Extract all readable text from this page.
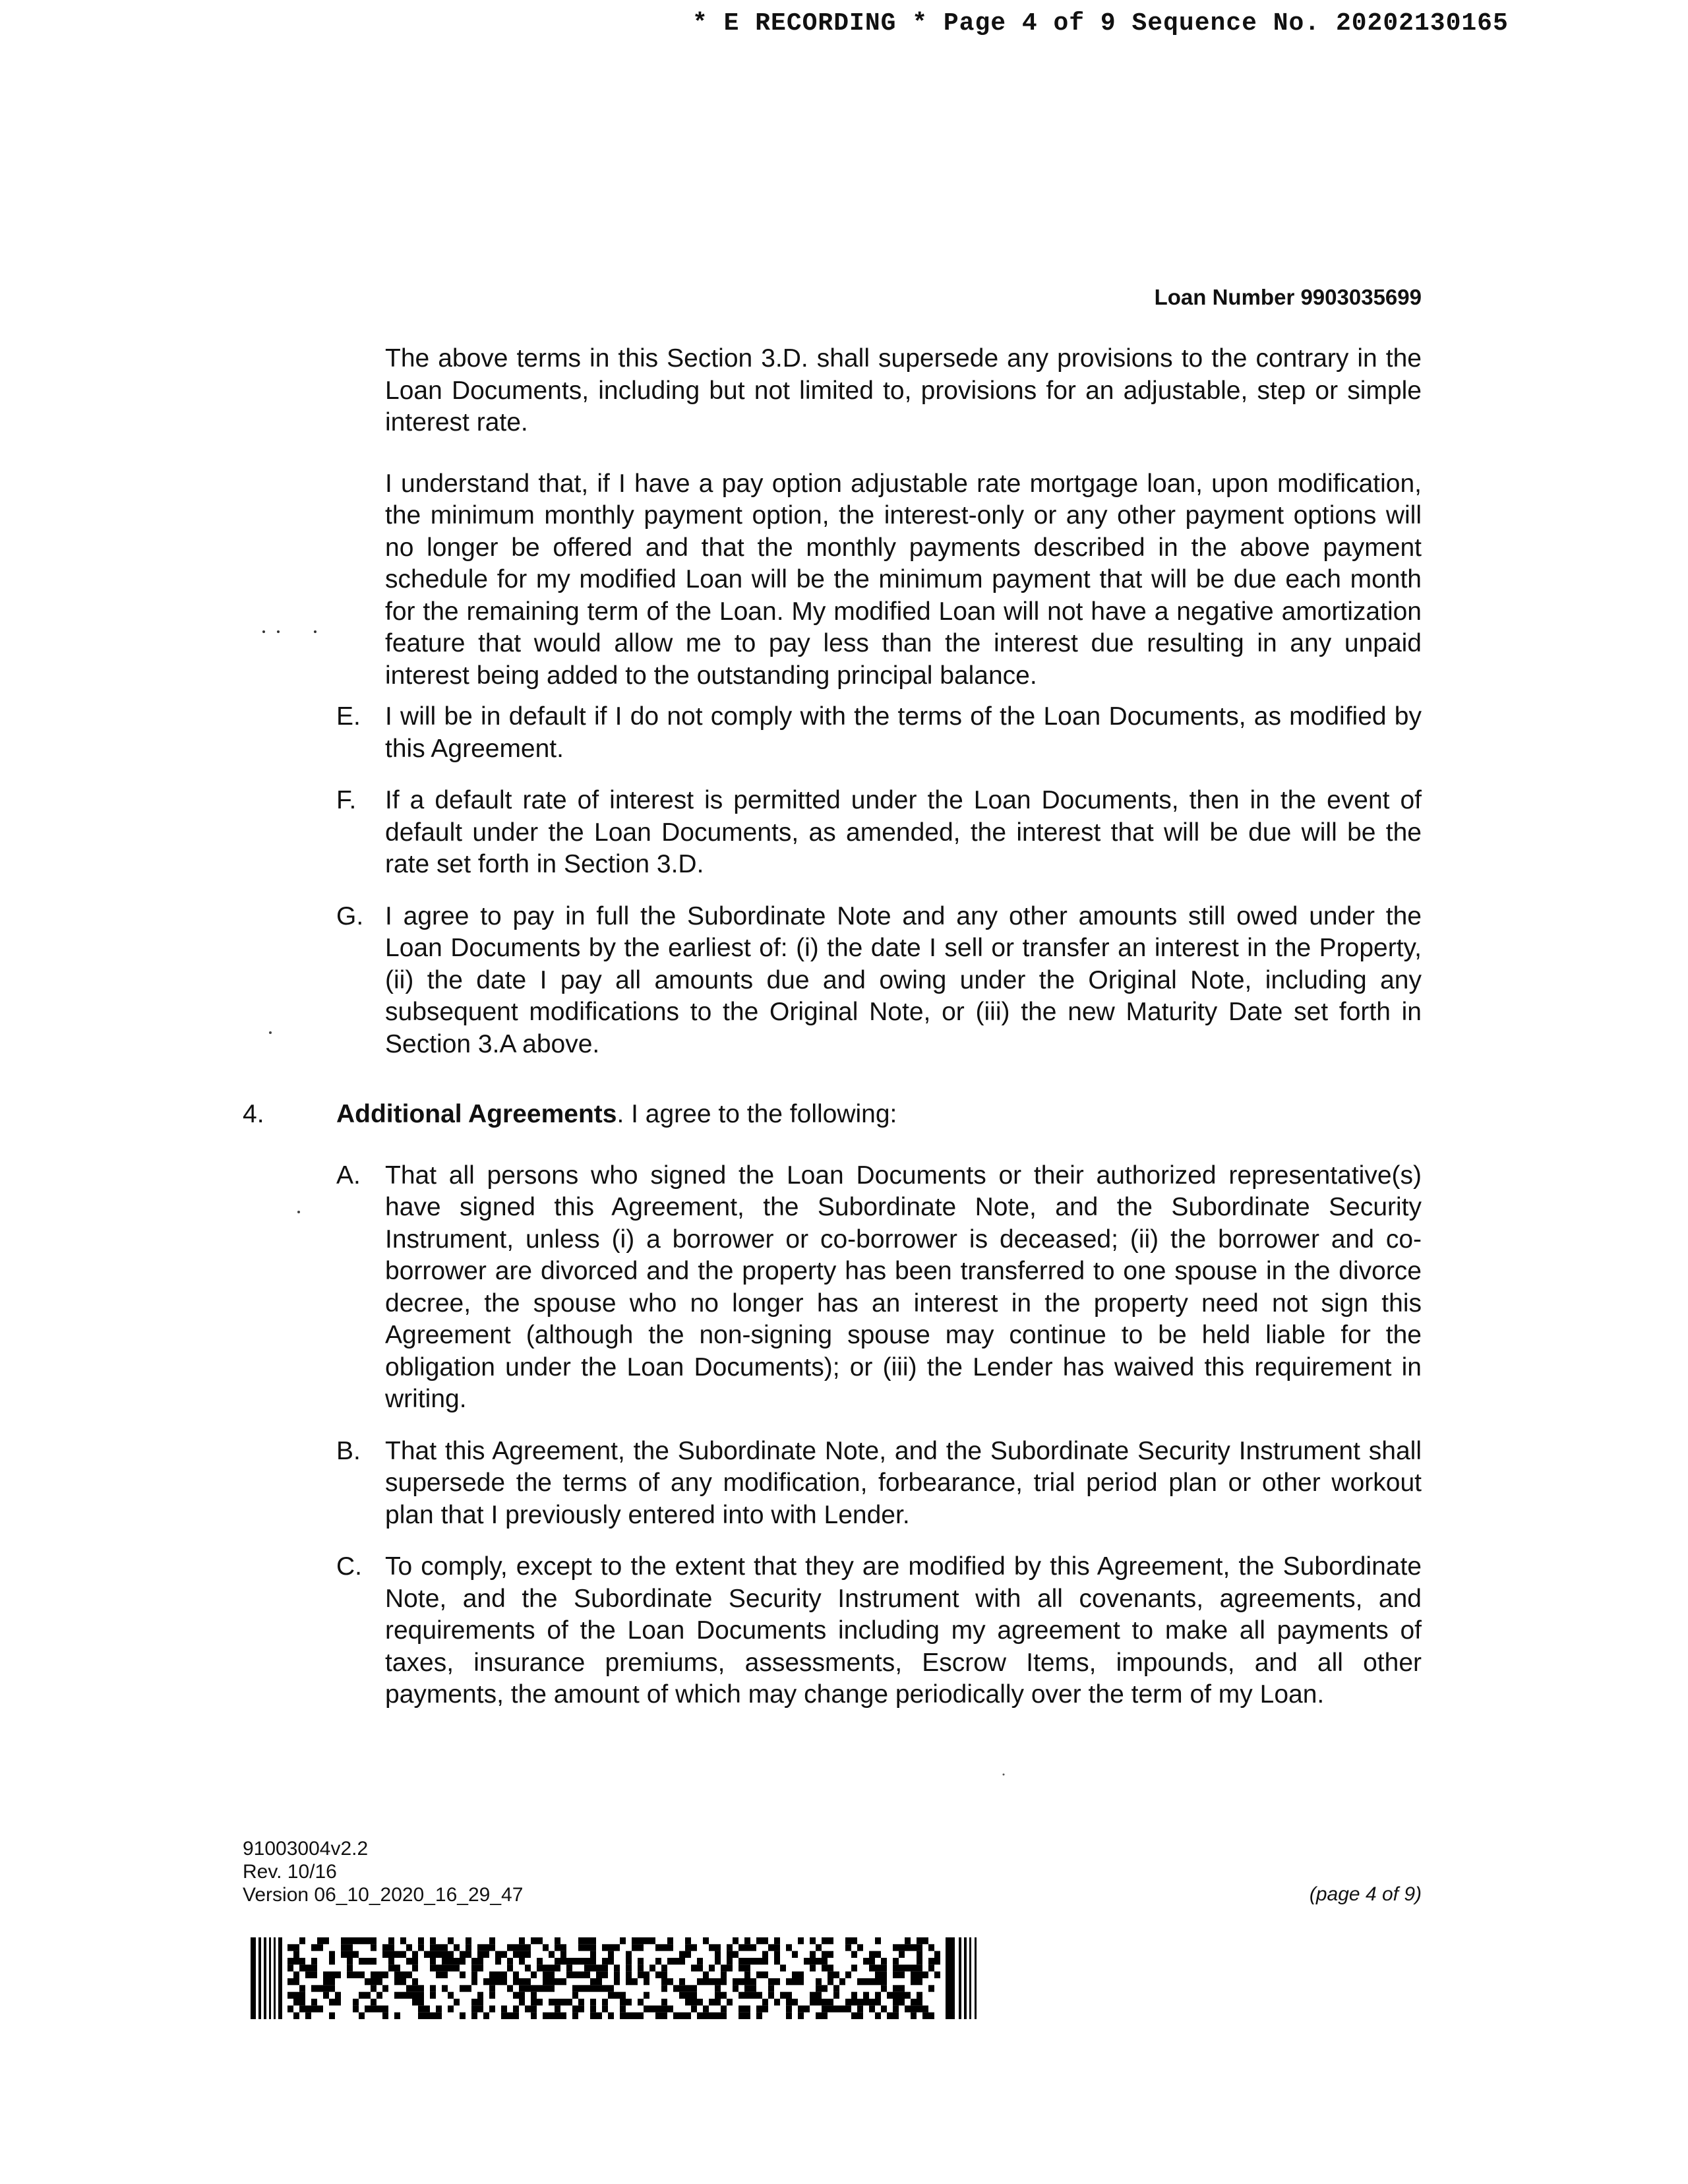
* E RECORDING * Page 4 of 9 Sequence No. 20202130165
Loan Number 9903035699

The above terms in this Section 3.D. shall supersede any provisions to the contrary in the Loan Documents, including but not limited to, provisions for an adjustable, step or simple interest rate.

I understand that, if I have a pay option adjustable rate mortgage loan, upon modification, the minimum monthly payment option, the interest-only or any other payment options will no longer be offered and that the monthly payments described in the above payment schedule for my modified Loan will be the minimum payment that will be due each month for the remaining term of the Loan. My modified Loan will not have a negative amortization feature that would allow me to pay less than the interest due resulting in any unpaid interest being added to the outstanding principal balance.

E. I will be in default if I do not comply with the terms of the Loan Documents, as modified by this Agreement.
F. If a default rate of interest is permitted under the Loan Documents, then in the event of default under the Loan Documents, as amended, the interest that will be due will be the rate set forth in Section 3.D.
G. I agree to pay in full the Subordinate Note and any other amounts still owed under the Loan Documents by the earliest of: (i) the date I sell or transfer an interest in the Property, (ii) the date I pay all amounts due and owing under the Original Note, including any subsequent modifications to the Original Note, or (iii) the new Maturity Date set forth in Section 3.A above.
4.	Additional Agreements. I agree to the following:
A. That all persons who signed the Loan Documents or their authorized representative(s) have signed this Agreement, the Subordinate Note, and the Subordinate Security Instrument, unless (i) a borrower or co-borrower is deceased; (ii) the borrower and co-borrower are divorced and the property has been transferred to one spouse in the divorce decree, the spouse who no longer has an interest in the property need not sign this Agreement (although the non-signing spouse may continue to be held liable for the obligation under the Loan Documents); or (iii) the Lender has waived this requirement in writing.
B. That this Agreement, the Subordinate Note, and the Subordinate Security Instrument shall supersede the terms of any modification, forbearance, trial period plan or other workout plan that I previously entered into with Lender.
C. To comply, except to the extent that they are modified by this Agreement, the Subordinate Note, and the Subordinate Security Instrument with all covenants, agreements, and requirements of the Loan Documents including my agreement to make all payments of taxes, insurance premiums, assessments, Escrow Items, impounds, and all other payments, the amount of which may change periodically over the term of my Loan.
91003004v2.2
Rev. 10/16
Version 06_10_2020_16_29_47	(page 4 of 9)
